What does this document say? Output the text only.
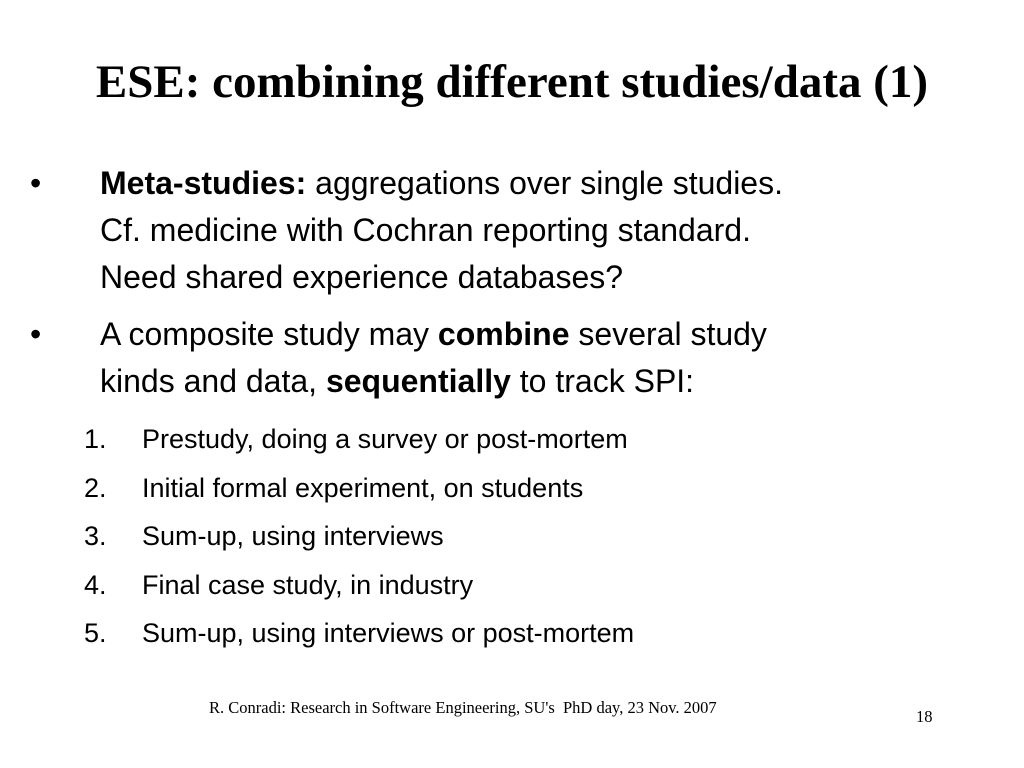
ESE: combining different studies/data (1)
• Meta-studies: aggregations over single studies.
Cf. medicine with Cochran reporting standard.
Need shared experience databases?
• A composite study may combine several study
kinds and data, sequentially to track SPI:
1. Prestudy, doing a survey or post-mortem
2. Initial formal experiment, on students
3. Sum-up, using interviews
4. Final case study, in industry
5. Sum-up, using interviews or post-mortem
R. Conradi: Research in Software Engineering, SU's  PhD day, 23 Nov. 2007	18
